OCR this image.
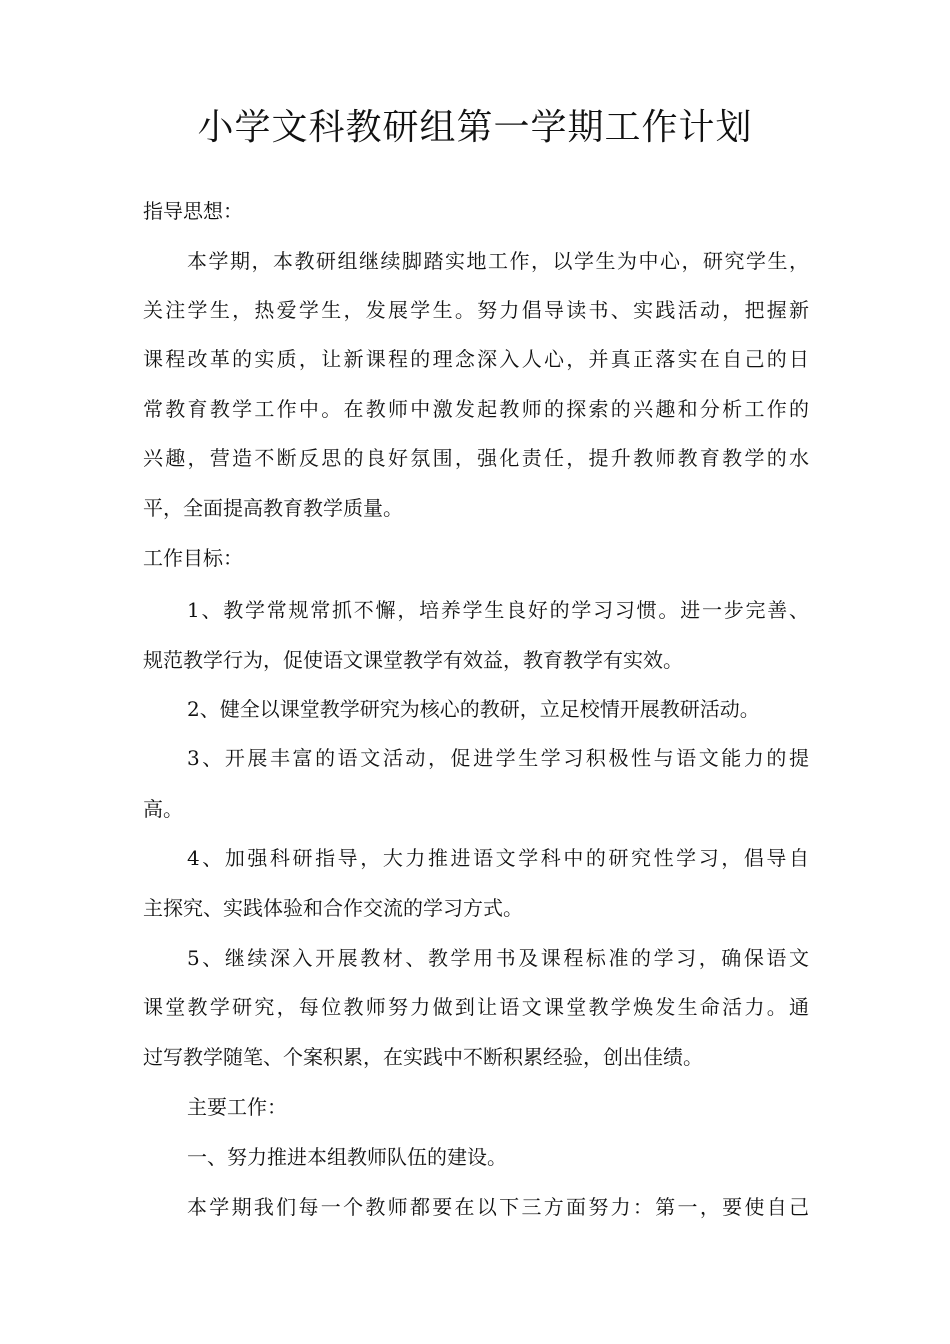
小学文科教研组第一学期工作计划
指导思想：
本学期，本教研组继续脚踏实地工作，以学生为中心，研究学生，
关注学生，热爱学生，发展学生。努力倡导读书、实践活动，把握新
课程改革的实质，让新课程的理念深入人心，并真正落实在自己的日
常教育教学工作中。在教师中激发起教师的探索的兴趣和分析工作的
兴趣，营造不断反思的良好氛围，强化责任，提升教师教育教学的水
平，全面提高教育教学质量。
工作目标：
1、教学常规常抓不懈，培养学生良好的学习习惯。进一步完善、
规范教学行为，促使语文课堂教学有效益，教育教学有实效。
2、健全以课堂教学研究为核心的教研，立足校情开展教研活动。
3、开展丰富的语文活动，促进学生学习积极性与语文能力的提
高。
4、加强科研指导，大力推进语文学科中的研究性学习，倡导自
主探究、实践体验和合作交流的学习方式。
5、继续深入开展教材、教学用书及课程标准的学习，确保语文
课堂教学研究，每位教师努力做到让语文课堂教学焕发生命活力。通
过写教学随笔、个案积累，在实践中不断积累经验，创出佳绩。
主要工作：
一、努力推进本组教师队伍的建设。
本学期我们每一个教师都要在以下三方面努力：第一，要使自己
